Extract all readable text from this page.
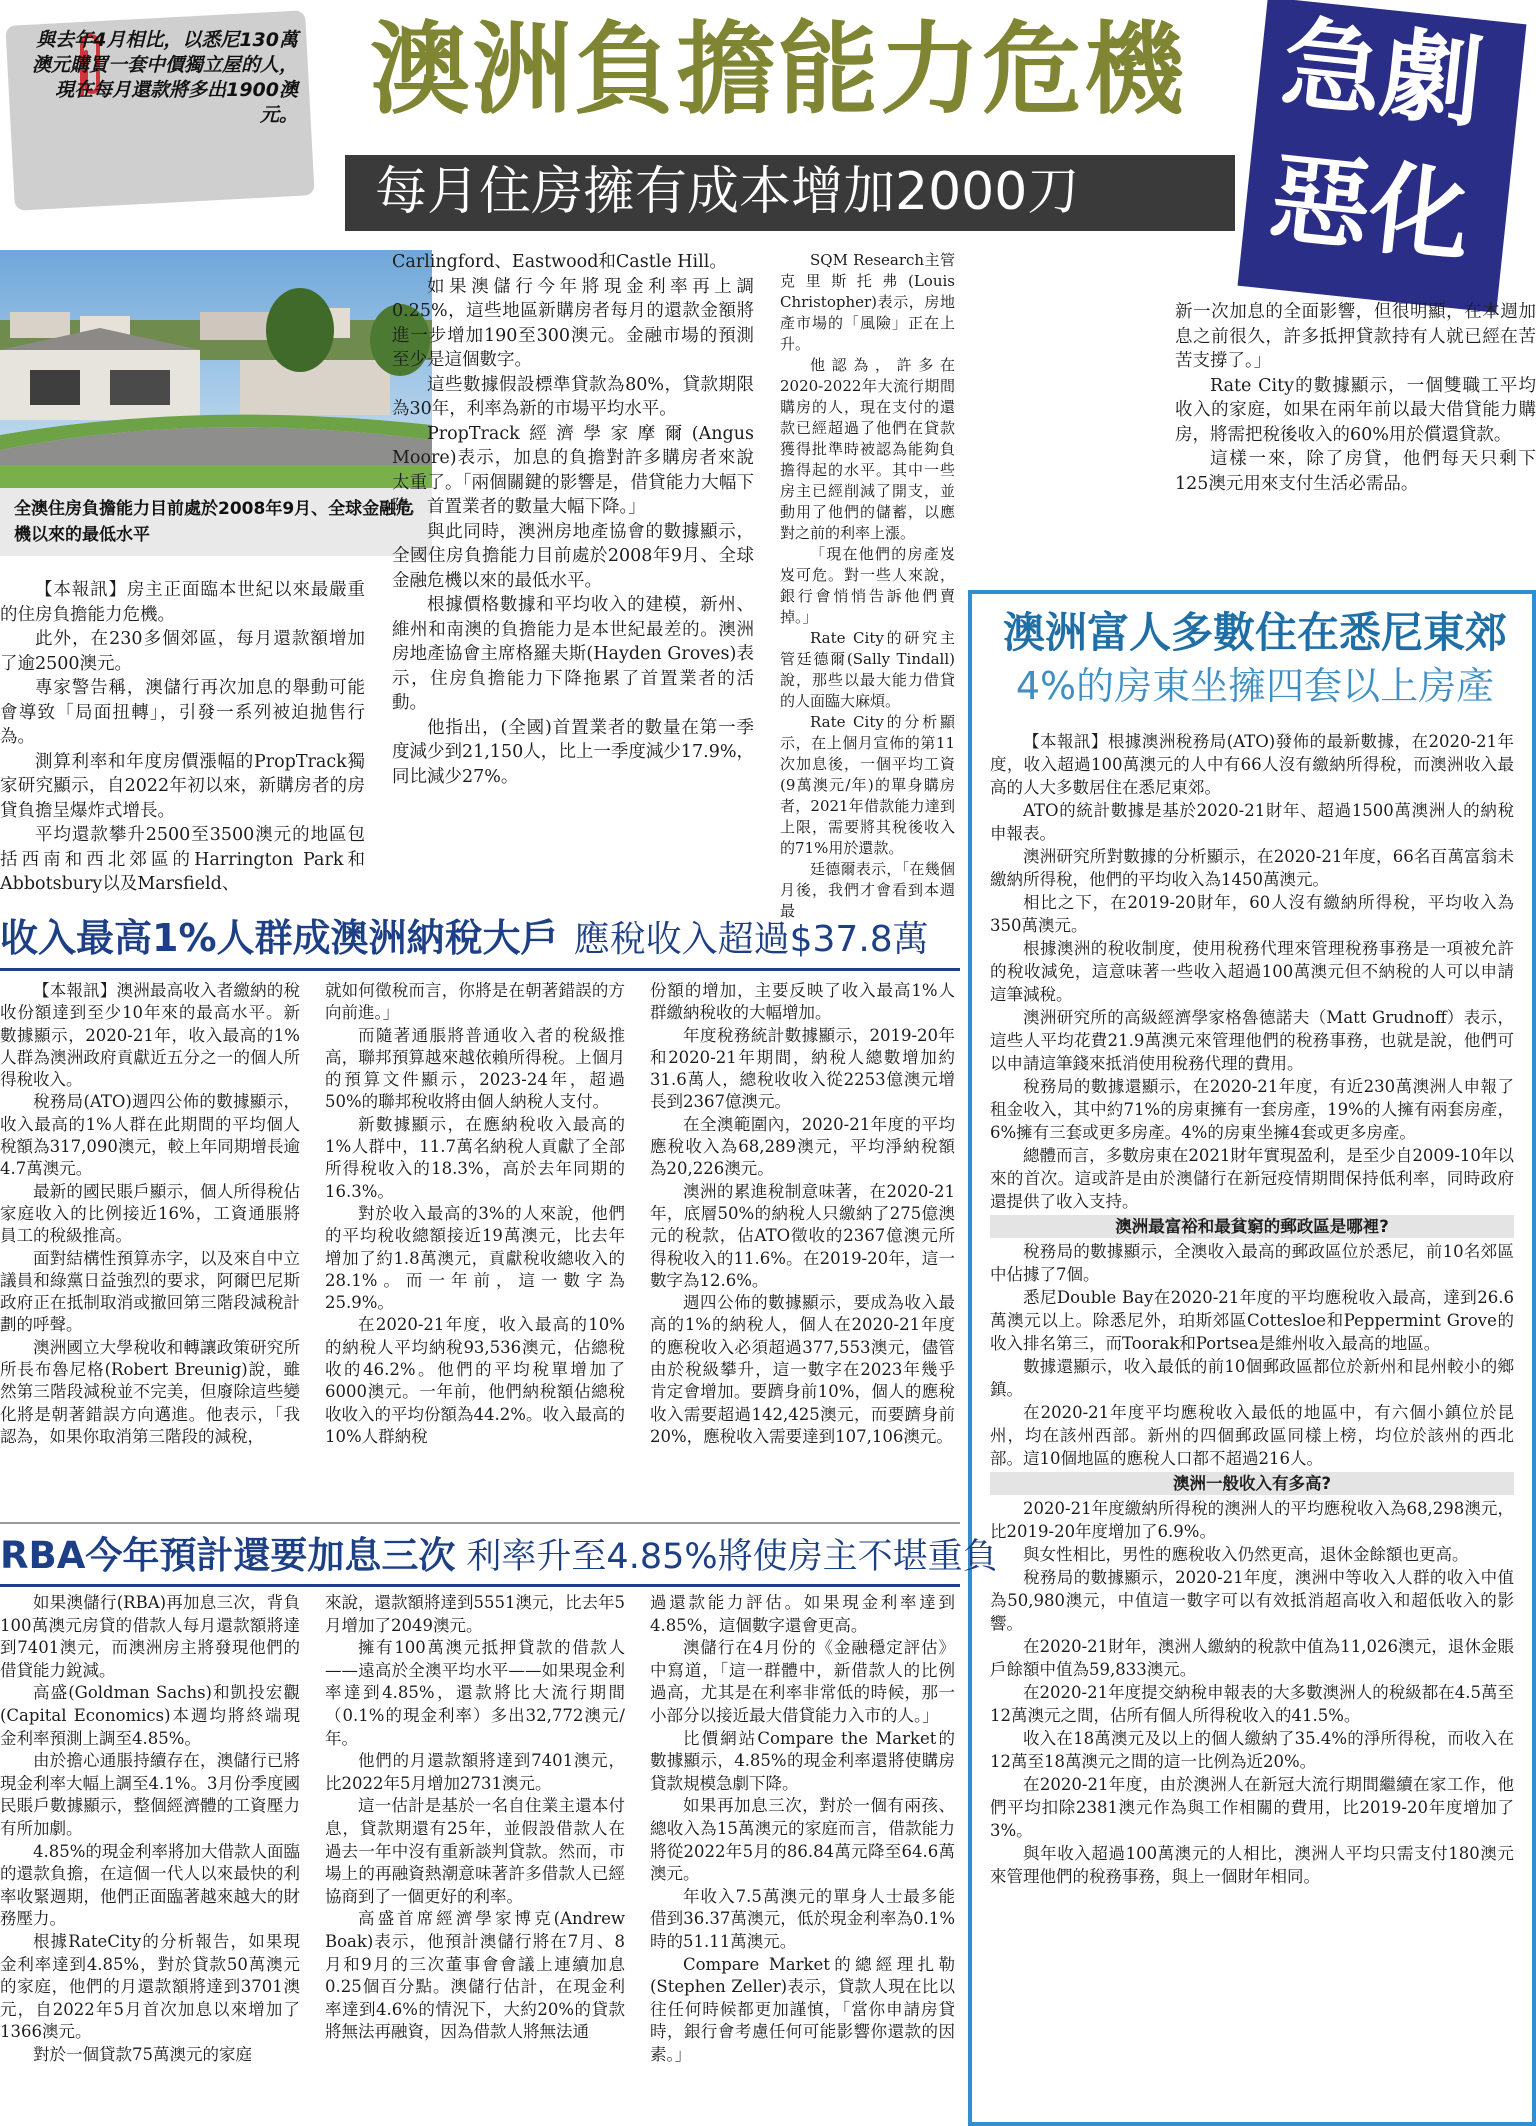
與去年4月相比，以悉尼130萬澳元購買一套中價獨立屋的人，現在每月還款將多出1900澳元。 澳洲負擔能力危機
每月住房擁有成本增加2000刀
急劇
惡化
全澳住房負擔能力目前處於2008年9月、全球金融危機以來的最低水平

【本報訊】房主正面臨本世紀以來最嚴重的住房負擔能力危機。

此外，在230多個郊區，每月還款額增加了逾2500澳元。

專家警告稱，澳儲行再次加息的舉動可能會導致「局面扭轉」，引發一系列被迫拋售行為。

測算利率和年度房價漲幅的PropTrack獨家研究顯示，自2022年初以來，新購房者的房貸負擔呈爆炸式增長。

平均還款攀升2500至3500澳元的地區包括西南和西北郊區的Harrington Park和Abbotsbury以及Marsfield、

Carlingford、Eastwood和Castle Hill。

如果澳儲行今年將現金利率再上調0.25%，這些地區新購房者每月的還款金額將進一步增加190至300澳元。金融市場的預測至少是這個數字。

這些數據假設標準貸款為80%，貸款期限為30年，利率為新的市場平均水平。

PropTrack經濟學家摩爾(Angus Moore)表示，加息的負擔對許多購房者來說太重了。「兩個關鍵的影響是，借貸能力大幅下降，首置業者的數量大幅下降。」

與此同時，澳洲房地產協會的數據顯示，全國住房負擔能力目前處於2008年9月、全球金融危機以來的最低水平。

根據價格數據和平均收入的建模，新州、維州和南澳的負擔能力是本世紀最差的。澳洲房地產協會主席格羅夫斯(Hayden Groves)表示，住房負擔能力下降拖累了首置業者的活動。

他指出，(全國)首置業者的數量在第一季度減少到21,150人，比上一季度減少17.9%，同比減少27%。

SQM Research主管克里斯托弗(Louis Christopher)表示，房地產市場的「風險」正在上升。

他認為，許多在2020-2022年大流行期間購房的人，現在支付的還款已經超過了他們在貸款獲得批準時被認為能夠負擔得起的水平。其中一些房主已經削減了開支，並動用了他們的儲蓄，以應對之前的利率上漲。

「現在他們的房產岌岌可危。對一些人來說，銀行會悄悄告訴他們賣掉。」

Rate City的研究主管廷德爾(Sally Tindall)說，那些以最大能力借貸的人面臨大麻煩。

Rate City的分析顯示，在上個月宣佈的第11次加息後，一個平均工資(9萬澳元/年)的單身購房者，2021年借款能力達到上限，需要將其稅後收入的71%用於還款。

廷德爾表示，「在幾個月後，我們才會看到本週最

新一次加息的全面影響，但很明顯，在本週加息之前很久，許多抵押貸款持有人就已經在苦苦支撐了。」

Rate City的數據顯示，一個雙職工平均收入的家庭，如果在兩年前以最大借貸能力購房，將需把稅後收入的60%用於償還貸款。

這樣一來，除了房貸，他們每天只剩下125澳元用來支付生活必需品。

澳洲富人多數住在悉尼東郊
4%的房東坐擁四套以上房產

【本報訊】根據澳洲稅務局(ATO)發佈的最新數據，在2020-21年度，收入超過100萬澳元的人中有66人沒有繳納所得稅，而澳洲收入最高的人大多數居住在悉尼東郊。

ATO的統計數據是基於2020-21財年、超過1500萬澳洲人的納稅申報表。

澳洲研究所對數據的分析顯示，在2020-21年度，66名百萬富翁未繳納所得稅，他們的平均收入為1450萬澳元。

相比之下，在2019-20財年，60人沒有繳納所得稅，平均收入為350萬澳元。

根據澳洲的稅收制度，使用稅務代理來管理稅務事務是一項被允許的稅收減免，這意味著一些收入超過100萬澳元但不納稅的人可以申請這筆減稅。

澳洲研究所的高級經濟學家格魯德諾夫（Matt Grudnoff）表示，這些人平均花費21.9萬澳元來管理他們的稅務事務，也就是說，他們可以申請這筆錢來抵消使用稅務代理的費用。

稅務局的數據還顯示，在2020-21年度，有近230萬澳洲人申報了租金收入，其中約71%的房東擁有一套房產，19%的人擁有兩套房產，6%擁有三套或更多房產。4%的房東坐擁4套或更多房產。

總體而言，多數房東在2021財年實現盈利，是至少自2009-10年以來的首次。這或許是由於澳儲行在新冠疫情期間保持低利率，同時政府還提供了收入支持。

澳洲最富裕和最貧窮的郵政區是哪裡?

稅務局的數據顯示，全澳收入最高的郵政區位於悉尼，前10名郊區中佔據了7個。

悉尼Double Bay在2020-21年度的平均應稅收入最高，達到26.6萬澳元以上。除悉尼外，珀斯郊區Cottesloe和Peppermint Grove的收入排名第三，而Toorak和Portsea是維州收入最高的地區。

數據還顯示，收入最低的前10個郵政區都位於新州和昆州較小的鄉鎮。

在2020-21年度平均應稅收入最低的地區中，有六個小鎮位於昆州，均在該州西部。新州的四個郵政區同樣上榜，均位於該州的西北部。這10個地區的應稅人口都不超過216人。

澳洲一般收入有多高?

2020-21年度繳納所得稅的澳洲人的平均應稅收入為68,298澳元，比2019-20年度增加了6.9%。

與女性相比，男性的應稅收入仍然更高，退休金餘額也更高。

稅務局的數據顯示，2020-21年度，澳洲中等收入人群的收入中值為50,980澳元，中值這一數字可以有效抵消超高收入和超低收入的影響。

在2020-21財年，澳洲人繳納的稅款中值為11,026澳元，退休金賬戶餘額中值為59,833澳元。

在2020-21年度提交納稅申報表的大多數澳洲人的稅級都在4.5萬至12萬澳元之間，佔所有個人所得稅收入的41.5%。

收入在18萬澳元及以上的個人繳納了35.4%的淨所得稅，而收入在12萬至18萬澳元之間的這一比例為近20%。

在2020-21年度，由於澳洲人在新冠大流行期間繼續在家工作，他們平均扣除2381澳元作為與工作相關的費用，比2019-20年度增加了3%。

與年收入超過100萬澳元的人相比，澳洲人平均只需支付180澳元來管理他們的稅務事務，與上一個財年相同。

收入最高1%人群成澳洲納稅大戶 應稅收入超過$37.8萬

【本報訊】澳洲最高收入者繳納的稅收份額達到至少10年來的最高水平。新數據顯示，2020-21年，收入最高的1%人群為澳洲政府貢獻近五分之一的個人所得稅收入。

稅務局(ATO)週四公佈的數據顯示，收入最高的1%人群在此期間的平均個人稅額為317,090澳元，較上年同期增長逾4.7萬澳元。

最新的國民賬戶顯示，個人所得稅佔家庭收入的比例接近16%，工資通脹將員工的稅級推高。

面對結構性預算赤字，以及來自中立議員和綠黨日益強烈的要求，阿爾巴尼斯政府正在抵制取消或撤回第三階段減稅計劃的呼聲。

澳洲國立大學稅收和轉讓政策研究所所長布魯尼格(Robert Breunig)說，雖然第三階段減稅並不完美，但廢除這些變化將是朝著錯誤方向邁進。他表示，「我認為，如果你取消第三階段的減稅，

就如何徵稅而言，你將是在朝著錯誤的方向前進。」

而隨著通脹將普通收入者的稅級推高，聯邦預算越來越依賴所得稅。上個月的預算文件顯示，2023-24年，超過50%的聯邦稅收將由個人納稅人支付。

新數據顯示，在應納稅收入最高的1%人群中，11.7萬名納稅人貢獻了全部所得稅收入的18.3%，高於去年同期的16.3%。

對於收入最高的3%的人來說，他們的平均稅收總額接近19萬澳元，比去年增加了約1.8萬澳元，貢獻稅收總收入的28.1%。而一年前，這一數字為25.9%。

在2020-21年度，收入最高的10%的納稅人平均納稅93,536澳元，佔總稅收的46.2%。他們的平均稅單增加了6000澳元。一年前，他們納稅額佔總稅收收入的平均份額為44.2%。收入最高的10%人群納稅

份額的增加，主要反映了收入最高1%人群繳納稅收的大幅增加。

年度稅務統計數據顯示，2019-20年和2020-21年期間，納稅人總數增加約31.6萬人，總稅收收入從2253億澳元增長到2367億澳元。

在全澳範圍內，2020-21年度的平均應稅收入為68,289澳元，平均淨納稅額為20,226澳元。

澳洲的累進稅制意味著，在2020-21年，底層50%的納稅人只繳納了275億澳元的稅款，佔ATO徵收的2367億澳元所得稅收入的11.6%。在2019-20年，這一數字為12.6%。

週四公佈的數據顯示，要成為收入最高的1%的納稅人，個人在2020-21年度的應稅收入必須超過377,553澳元，儘管由於稅級攀升，這一數字在2023年幾乎肯定會增加。要躋身前10%，個人的應稅收入需要超過142,425澳元，而要躋身前20%，應稅收入需要達到107,106澳元。

RBA今年預計還要加息三次 利率升至4.85%將使房主不堪重負

如果澳儲行(RBA)再加息三次，背負100萬澳元房貸的借款人每月還款額將達到7401澳元，而澳洲房主將發現他們的借貸能力銳減。

高盛(Goldman Sachs)和凱投宏觀(Capital Economics)本週均將終端現金利率預測上調至4.85%。

由於擔心通脹持續存在，澳儲行已將現金利率大幅上調至4.1%。3月份季度國民賬戶數據顯示，整個經濟體的工資壓力有所加劇。

4.85%的現金利率將加大借款人面臨的還款負擔，在這個一代人以來最快的利率收緊週期，他們正面臨著越來越大的財務壓力。

根據RateCity的分析報告，如果現金利率達到4.85%，對於貸款50萬澳元的家庭，他們的月還款額將達到3701澳元，自2022年5月首次加息以來增加了1366澳元。

對於一個貸款75萬澳元的家庭

來說，還款額將達到5551澳元，比去年5月增加了2049澳元。

擁有100萬澳元抵押貸款的借款人——遠高於全澳平均水平——如果現金利率達到4.85%，還款將比大流行期間（0.1%的現金利率）多出32,772澳元/年。

他們的月還款額將達到7401澳元，比2022年5月增加2731澳元。

這一估計是基於一名自住業主還本付息，貸款期還有25年，並假設借款人在過去一年中沒有重新談判貸款。然而，市場上的再融資熱潮意味著許多借款人已經協商到了一個更好的利率。

高盛首席經濟學家博克(Andrew Boak)表示，他預計澳儲行將在7月、8月和9月的三次董事會會議上連續加息0.25個百分點。澳儲行估計，在現金利率達到4.6%的情況下，大約20%的貸款將無法再融資，因為借款人將無法通

過還款能力評估。如果現金利率達到4.85%，這個數字還會更高。

澳儲行在4月份的《金融穩定評估》中寫道，「這一群體中，新借款人的比例過高，尤其是在利率非常低的時候，那一小部分以接近最大借貸能力入市的人。」

比價網站Compare the Market的數據顯示，4.85%的現金利率還將使購房貸款規模急劇下降。

如果再加息三次，對於一個有兩孩、總收入為15萬澳元的家庭而言，借款能力將從2022年5月的86.84萬元降至64.6萬澳元。

年收入7.5萬澳元的單身人士最多能借到36.37萬澳元，低於現金利率為0.1%時的51.11萬澳元。

Compare Market的總經理扎勒(Stephen Zeller)表示，貸款人現在比以往任何時候都更加謹慎，「當你申請房貸時，銀行會考慮任何可能影響你還款的因素。」
